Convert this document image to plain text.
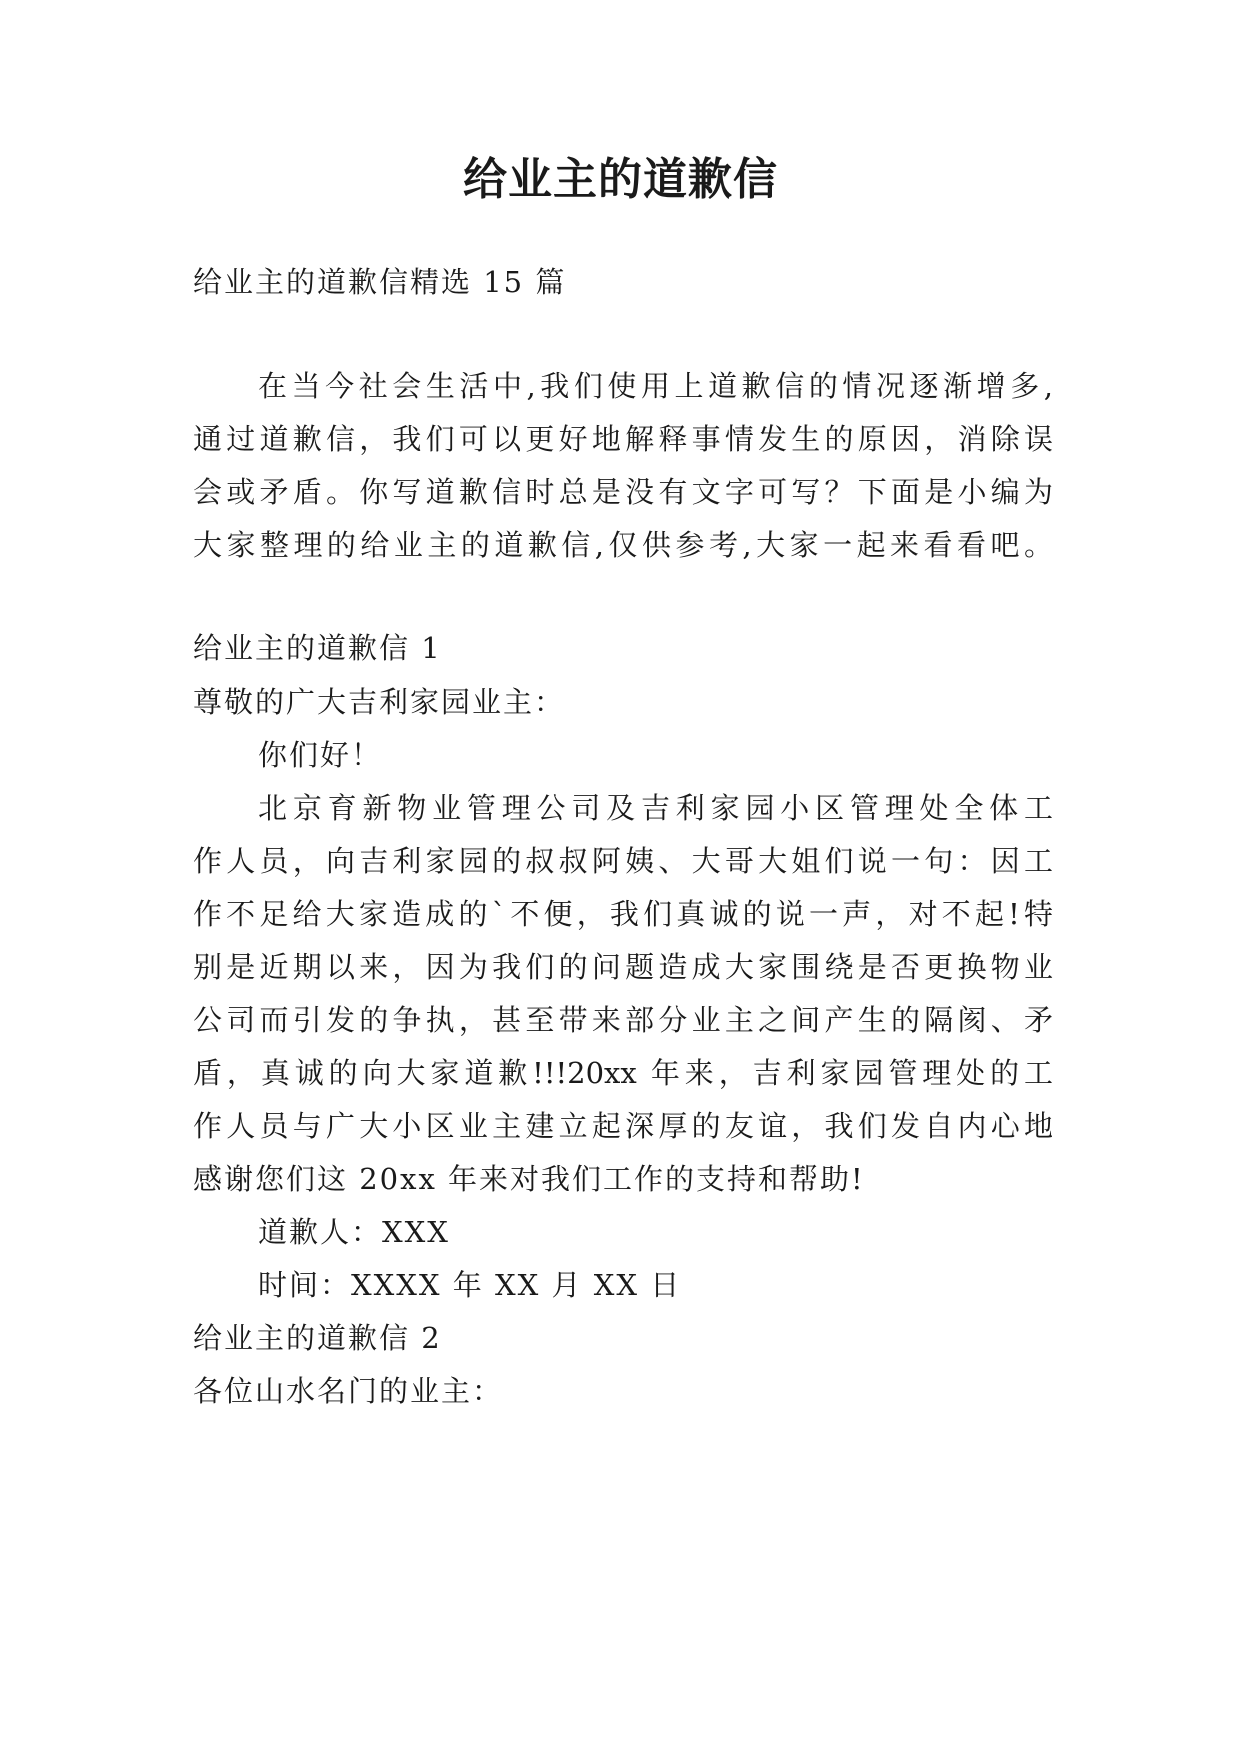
给业主的道歉信
给业主的道歉信精选 15 篇
在当今社会生活中,我们使用上道歉信的情况逐渐增多,
通过道歉信，我们可以更好地解释事情发生的原因，消除误
会或矛盾。你写道歉信时总是没有文字可写？下面是小编为
大家整理的给业主的道歉信,仅供参考,大家一起来看看吧。
给业主的道歉信 1
尊敬的广大吉利家园业主：
你们好！
北京育新物业管理公司及吉利家园小区管理处全体工
作人员，向吉利家园的叔叔阿姨、大哥大姐们说一句：因工
作不足给大家造成的`不便，我们真诚的说一声，对不起!特
别是近期以来，因为我们的问题造成大家围绕是否更换物业
公司而引发的争执，甚至带来部分业主之间产生的隔阂、矛
盾，真诚的向大家道歉!!!20xx 年来，吉利家园管理处的工
作人员与广大小区业主建立起深厚的友谊，我们发自内心地
感谢您们这 20xx 年来对我们工作的支持和帮助!
道歉人：XXX
时间：XXXX 年 XX 月 XX 日
给业主的道歉信 2
各位山水名门的业主：
